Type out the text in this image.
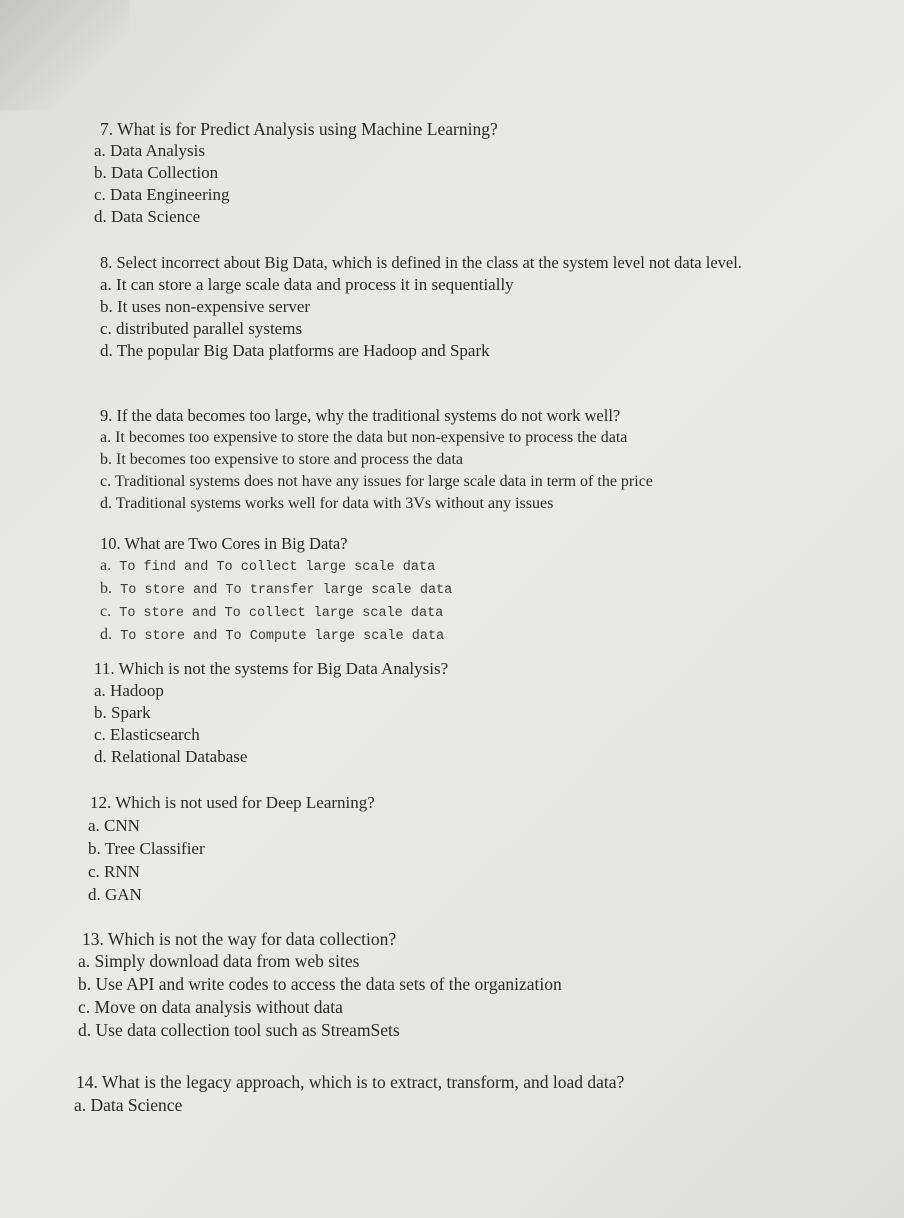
7. What is for Predict Analysis using Machine Learning?
a. Data Analysis
b. Data Collection
c. Data Engineering
d. Data Science
8. Select incorrect about Big Data, which is defined in the class at the system level not data level.
a. It can store a large scale data and process it in sequentially
b. It uses non-expensive server
c. distributed parallel systems
d. The popular Big Data platforms are Hadoop and Spark
9. If the data becomes too large, why the traditional systems do not work well?
a. It becomes too expensive to store the data but non-expensive to process the data
b. It becomes too expensive to store and process the data
c. Traditional systems does not have any issues for large scale data in term of the price
d. Traditional systems works well for data with 3Vs without any issues
10. What are Two Cores in Big Data?
a. To find and To collect large scale data
b. To store and To transfer large scale data
c. To store and To collect large scale data
d. To store and To Compute large scale data
11. Which is not the systems for Big Data Analysis?
a. Hadoop
b. Spark
c. Elasticsearch
d. Relational Database
12. Which is not used for Deep Learning?
a. CNN
b. Tree Classifier
c. RNN
d. GAN
13. Which is not the way for data collection?
a. Simply download data from web sites
b. Use API and write codes to access the data sets of the organization
c. Move on data analysis without data
d. Use data collection tool such as StreamSets
14. What is the legacy approach, which is to extract, transform, and load data?
a. Data Science
